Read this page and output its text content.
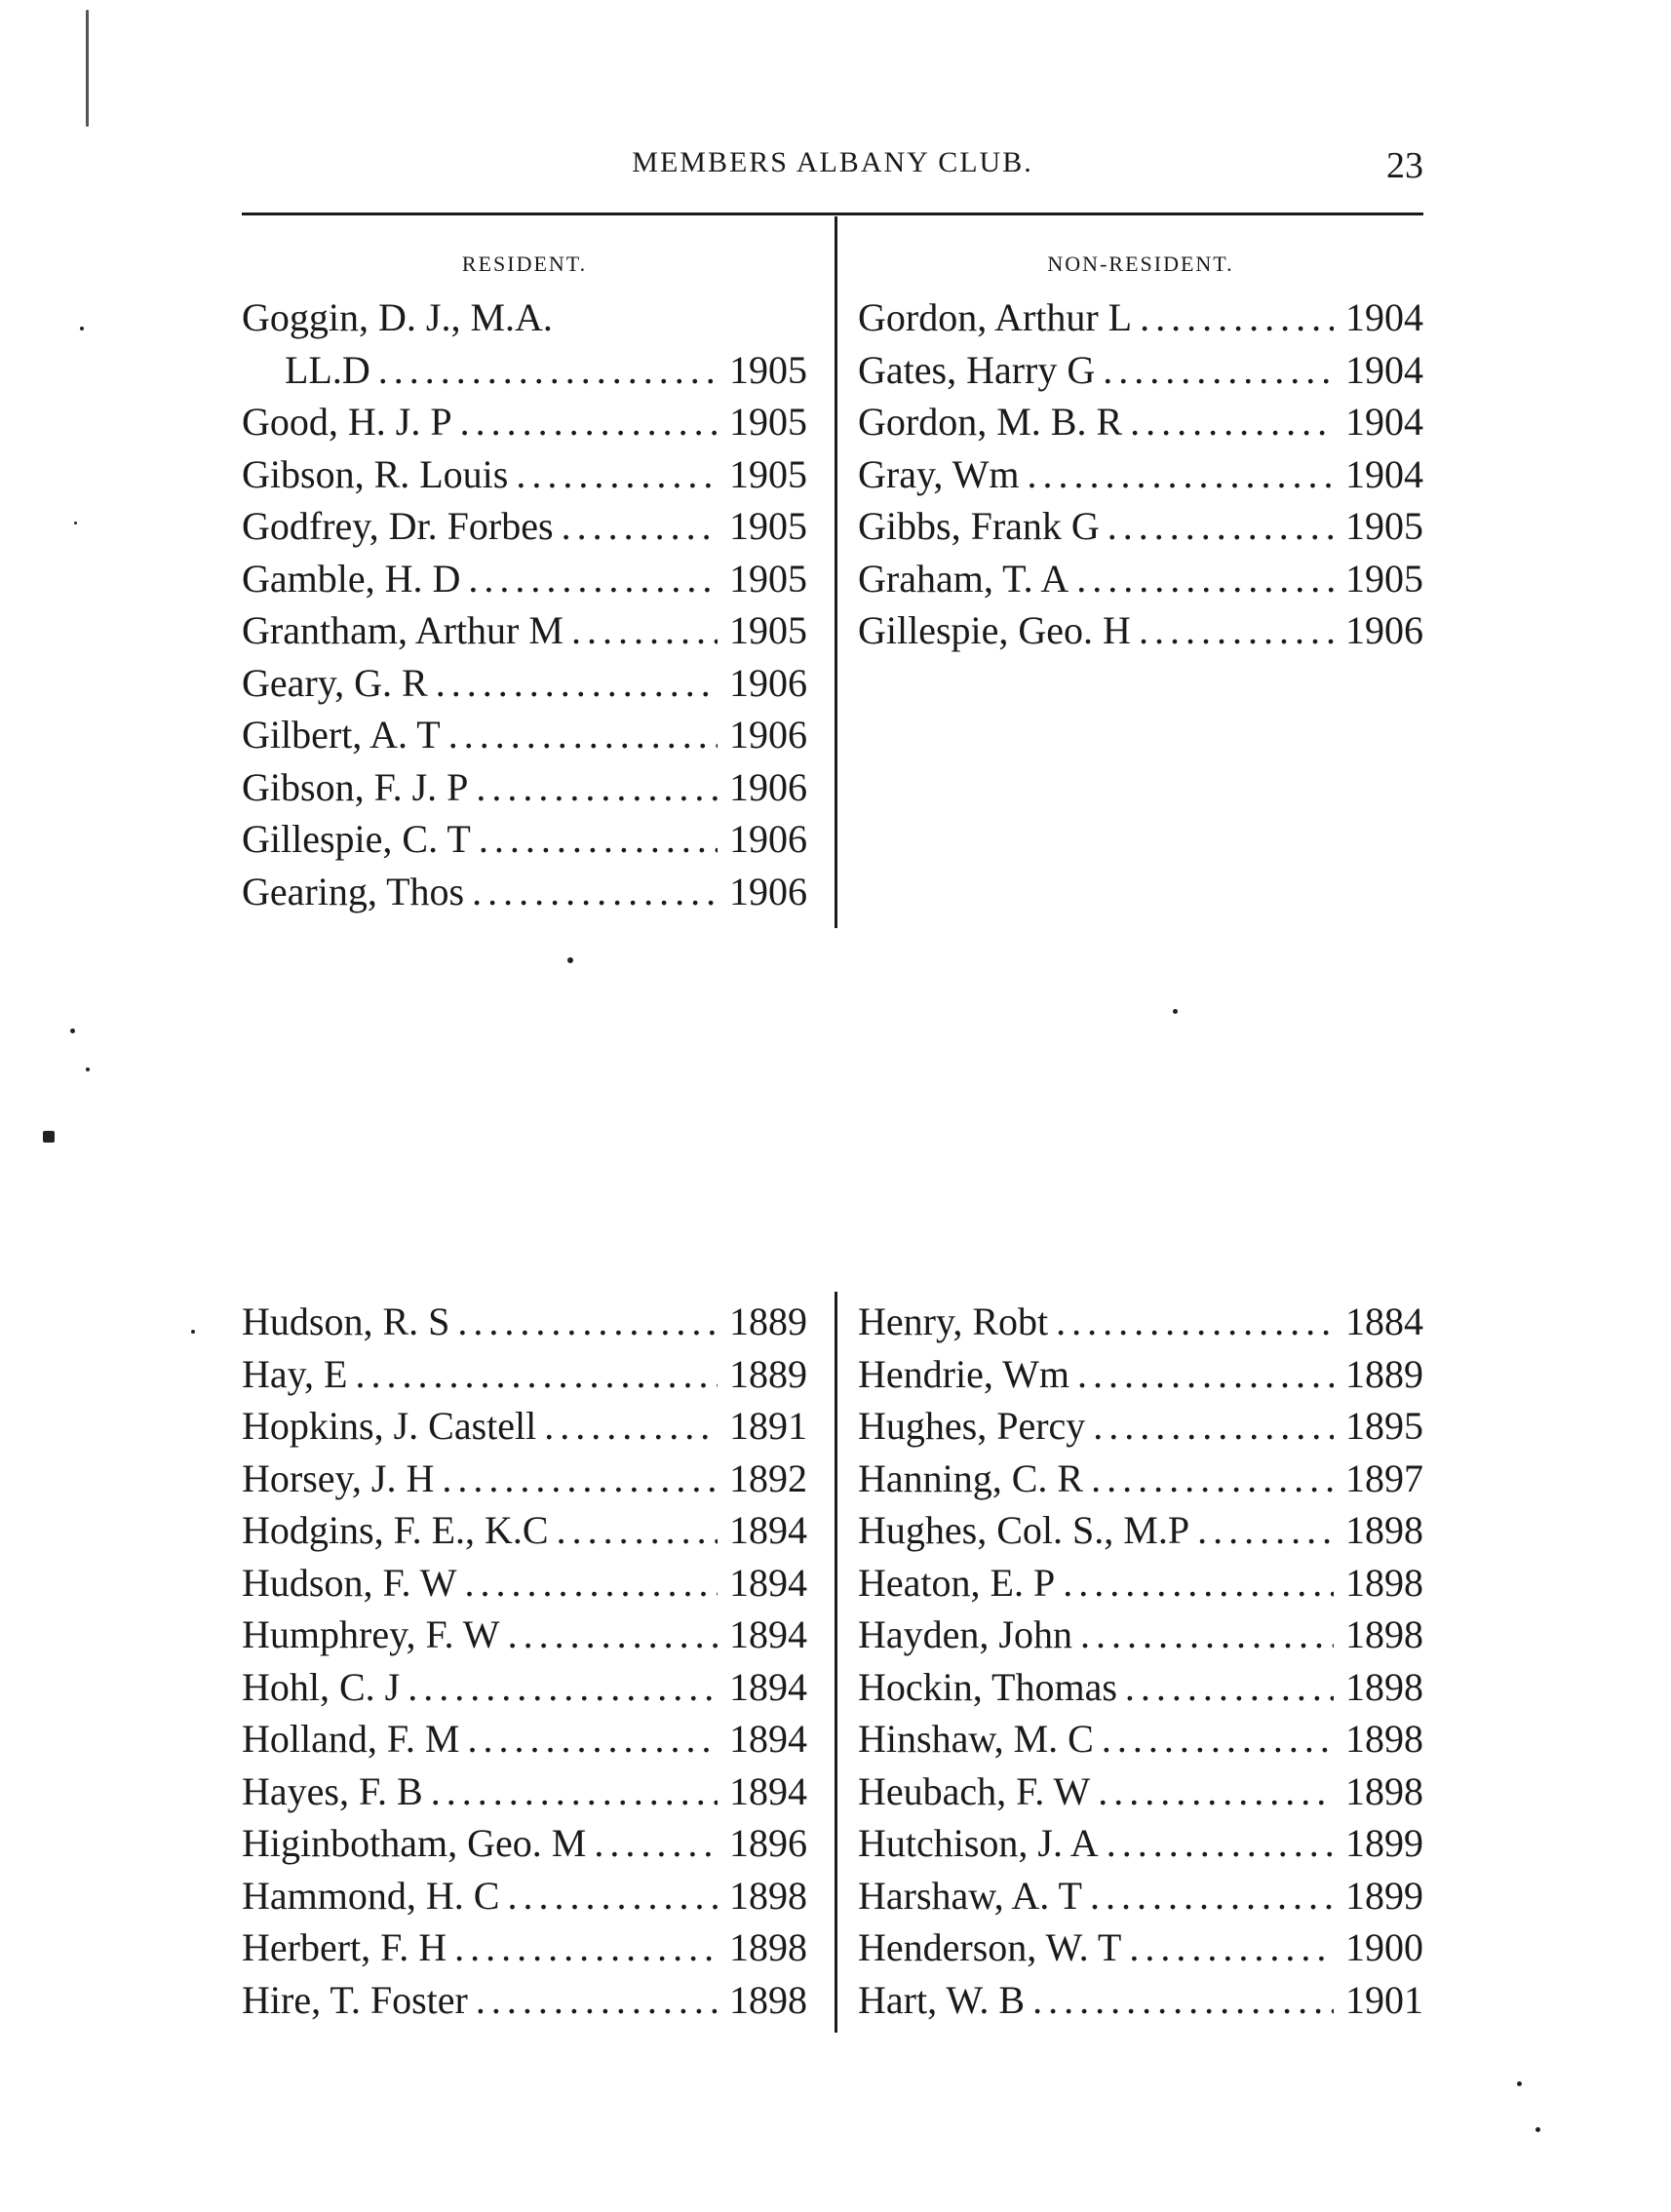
MEMBERS ALBANY CLUB.	23
RESIDENT.	NON-RESIDENT.
Goggin, D. J., M.A.
LL.D .....	1905
Good, H. J. P .....	1905
Gibson, R. Louis .....	1905
Godfrey, Dr. Forbes .....	1905
Gamble, H. D .....	1905
Grantham, Arthur M .....	1905
Geary, G. R .....	1906
Gilbert, A. T .....	1906
Gibson, F. J. P .....	1906
Gillespie, C. T .....	1906
Gearing, Thos .....	1906
Gordon, Arthur L .....	1904
Gates, Harry G .....	1904
Gordon, M. B. R .....	1904
Gray, Wm .....	1904
Gibbs, Frank G .....	1905
Graham, T. A .....	1905
Gillespie, Geo. H .....	1906
Hudson, R. S .....	1889
Hay, E .....	1889
Hopkins, J. Castell .....	1891
Horsey, J. H .....	1892
Hodgins, F. E., K.C .....	1894
Hudson, F. W .....	1894
Humphrey, F. W .....	1894
Hohl, C. J .....	1894
Holland, F. M .....	1894
Hayes, F. B .....	1894
Higinbotham, Geo. M .....	1896
Hammond, H. C .....	1898
Herbert, F. H .....	1898
Hire, T. Foster .....	1898
Henry, Robt .....	1884
Hendrie, Wm .....	1889
Hughes, Percy .....	1895
Hanning, C. R .....	1897
Hughes, Col. S., M.P .....	1898
Heaton, E. P .....	1898
Hayden, John .....	1898
Hockin, Thomas .....	1898
Hinshaw, M. C .....	1898
Heubach, F. W .....	1898
Hutchison, J. A .....	1899
Harshaw, A. T .....	1899
Henderson, W. T .....	1900
Hart, W. B .....	1901
